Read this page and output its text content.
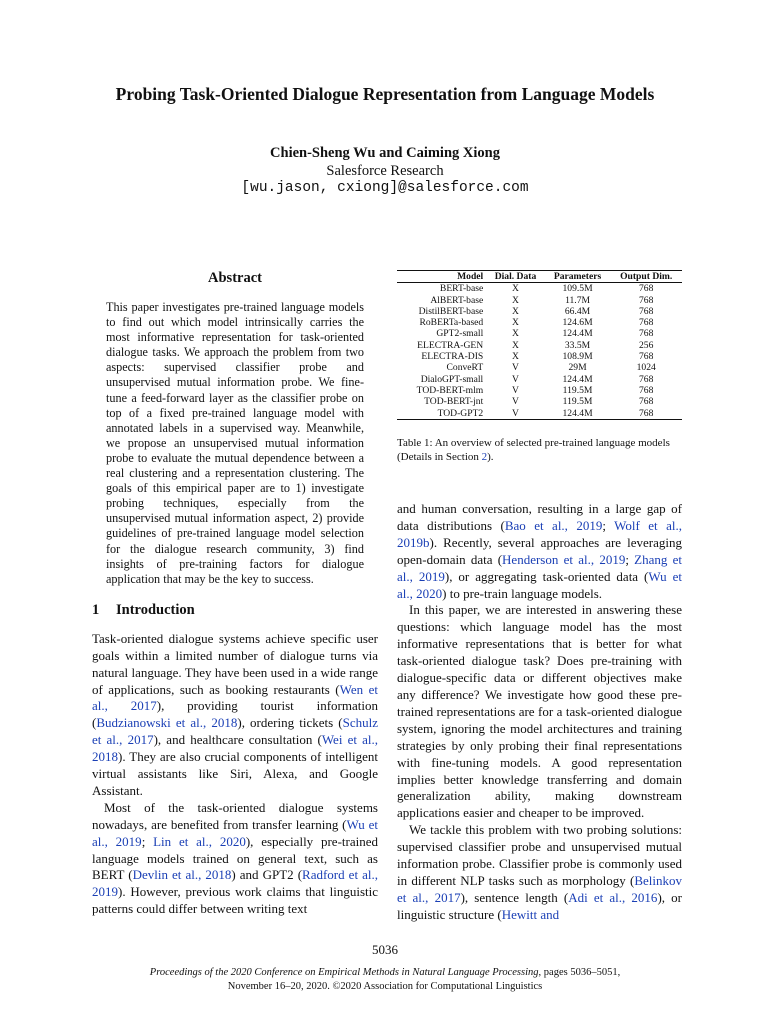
Probing Task-Oriented Dialogue Representation from Language Models
Chien-Sheng Wu and Caiming Xiong
Salesforce Research
[wu.jason, cxiong]@salesforce.com
Abstract

This paper investigates pre-trained language models to find out which model intrinsically carries the most informative representation for task-oriented dialogue tasks. We approach the problem from two aspects: supervised classifier probe and unsupervised mutual information probe. We fine-tune a feed-forward layer as the classifier probe on top of a fixed pre-trained language model with annotated labels in a supervised way. Meanwhile, we propose an unsupervised mutual information probe to evaluate the mutual dependence between a real clustering and a representation clustering. The goals of this empirical paper are to 1) investigate probing techniques, especially from the unsupervised mutual information aspect, 2) provide guidelines of pre-trained language model selection for the dialogue research community, 3) find insights of pre-training factors for dialogue application that may be the key to success.

1 Introduction

Task-oriented dialogue systems achieve specific user goals within a limited number of dialogue turns via natural language. They have been used in a wide range of applications, such as booking restaurants (Wen et al., 2017), providing tourist information (Budzianowski et al., 2018), ordering tickets (Schulz et al., 2017), and healthcare consultation (Wei et al., 2018). They are also crucial components of intelligent virtual assistants like Siri, Alexa, and Google Assistant.

Most of the task-oriented dialogue systems nowadays, are benefited from transfer learning (Wu et al., 2019; Lin et al., 2020), especially pre-trained language models trained on general text, such as BERT (Devlin et al., 2018) and GPT2 (Radford et al., 2019). However, previous work claims that linguistic patterns could differ between writing text

Model	Dial. Data	Parameters	Output Dim.
BERT-base	X	109.5M	768
AlBERT-base	X	11.7M	768
DistilBERT-base	X	66.4M	768
RoBERTa-based	X	124.6M	768
GPT2-small	X	124.4M	768
ELECTRA-GEN	X	33.5M	256
ELECTRA-DIS	X	108.9M	768
ConveRT	V	29M	1024
DialoGPT-small	V	124.4M	768
TOD-BERT-mlm	V	119.5M	768
TOD-BERT-jnt	V	119.5M	768
TOD-GPT2	V	124.4M	768

Table 1: An overview of selected pre-trained language models (Details in Section 2).

and human conversation, resulting in a large gap of data distributions (Bao et al., 2019; Wolf et al., 2019b). Recently, several approaches are leveraging open-domain data (Henderson et al., 2019; Zhang et al., 2019), or aggregating task-oriented data (Wu et al., 2020) to pre-train language models.

In this paper, we are interested in answering these questions: which language model has the most informative representations that is better for what task-oriented dialogue task? Does pre-training with dialogue-specific data or different objectives make any difference? We investigate how good these pre-trained representations are for a task-oriented dialogue system, ignoring the model architectures and training strategies by only probing their final representations with fine-tuning models. A good representation implies better knowledge transferring and domain generalization ability, making downstream applications easier and cheaper to be improved.

We tackle this problem with two probing solutions: supervised classifier probe and unsupervised mutual information probe. Classifier probe is commonly used in different NLP tasks such as morphology (Belinkov et al., 2017), sentence length (Adi et al., 2016), or linguistic structure (Hewitt and

5036
Proceedings of the 2020 Conference on Empirical Methods in Natural Language Processing, pages 5036–5051,
November 16–20, 2020. ©2020 Association for Computational Linguistics
